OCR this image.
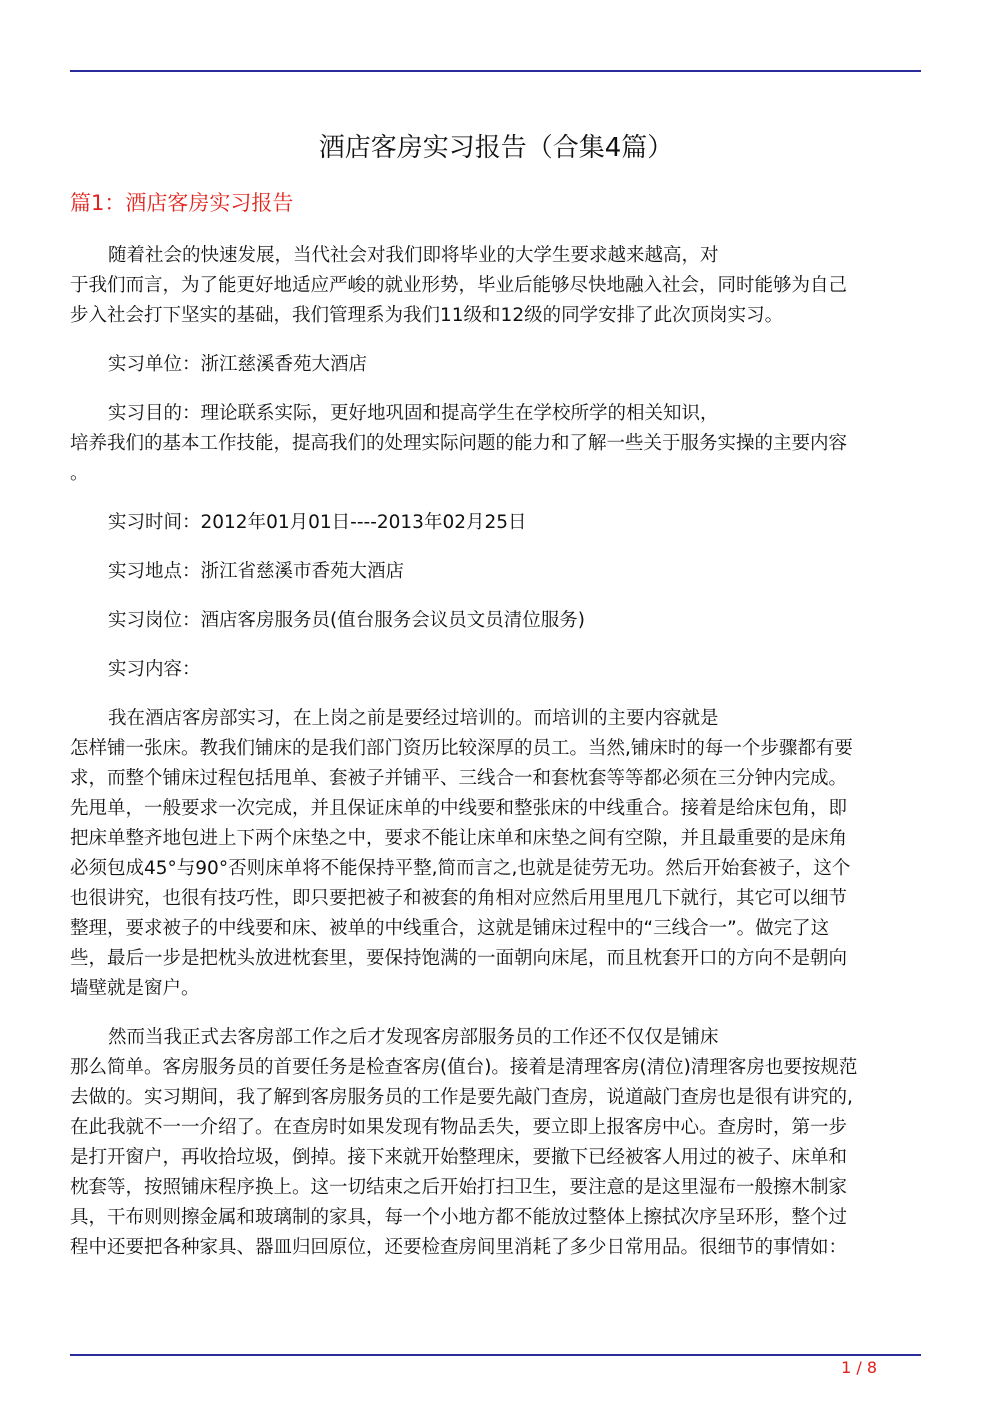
酒店客房实习报告（合集4篇）
篇1：酒店客房实习报告
随着社会的快速发展，当代社会对我们即将毕业的大学生要求越来越高，对
于我们而言，为了能更好地适应严峻的就业形势，毕业后能够尽快地融入社会，同时能够为自己
步入社会打下坚实的基础，我们管理系为我们11级和12级的同学安排了此次顶岗实习。
实习单位：浙江慈溪香苑大酒店
实习目的：理论联系实际，更好地巩固和提高学生在学校所学的相关知识，
培养我们的基本工作技能，提高我们的处理实际问题的能力和了解一些关于服务实操的主要内容
。
实习时间：2012年01月01日----2013年02月25日
实习地点：浙江省慈溪市香苑大酒店
实习岗位：酒店客房服务员(值台服务会议员文员清位服务)
实习内容：
我在酒店客房部实习，在上岗之前是要经过培训的。而培训的主要内容就是
怎样铺一张床。教我们铺床的是我们部门资历比较深厚的员工。当然,铺床时的每一个步骤都有要
求，而整个铺床过程包括甩单、套被子并铺平、三线合一和套枕套等等都必须在三分钟内完成。
先甩单，一般要求一次完成，并且保证床单的中线要和整张床的中线重合。接着是给床包角，即
把床单整齐地包进上下两个床垫之中，要求不能让床单和床垫之间有空隙，并且最重要的是床角
必须包成45°与90°否则床单将不能保持平整,简而言之,也就是徒劳无功。然后开始套被子，这个
也很讲究，也很有技巧性，即只要把被子和被套的角相对应然后用里甩几下就行，其它可以细节
整理，要求被子的中线要和床、被单的中线重合，这就是铺床过程中的“三线合一”。做完了这
些，最后一步是把枕头放进枕套里，要保持饱满的一面朝向床尾，而且枕套开口的方向不是朝向
墙壁就是窗户。
然而当我正式去客房部工作之后才发现客房部服务员的工作还不仅仅是铺床
那么简单。客房服务员的首要任务是检查客房(值台)。接着是清理客房(清位)清理客房也要按规范
去做的。实习期间，我了解到客房服务员的工作是要先敲门查房，说道敲门查房也是很有讲究的,
在此我就不一一介绍了。在查房时如果发现有物品丢失，要立即上报客房中心。查房时，第一步
是打开窗户，再收拾垃圾，倒掉。接下来就开始整理床，要撤下已经被客人用过的被子、床单和
枕套等，按照铺床程序换上。这一切结束之后开始打扫卫生，要注意的是这里湿布一般擦木制家
具，干布则则擦金属和玻璃制的家具，每一个小地方都不能放过整体上擦拭次序呈环形，整个过
程中还要把各种家具、器皿归回原位，还要检查房间里消耗了多少日常用品。很细节的事情如：
1 / 8
